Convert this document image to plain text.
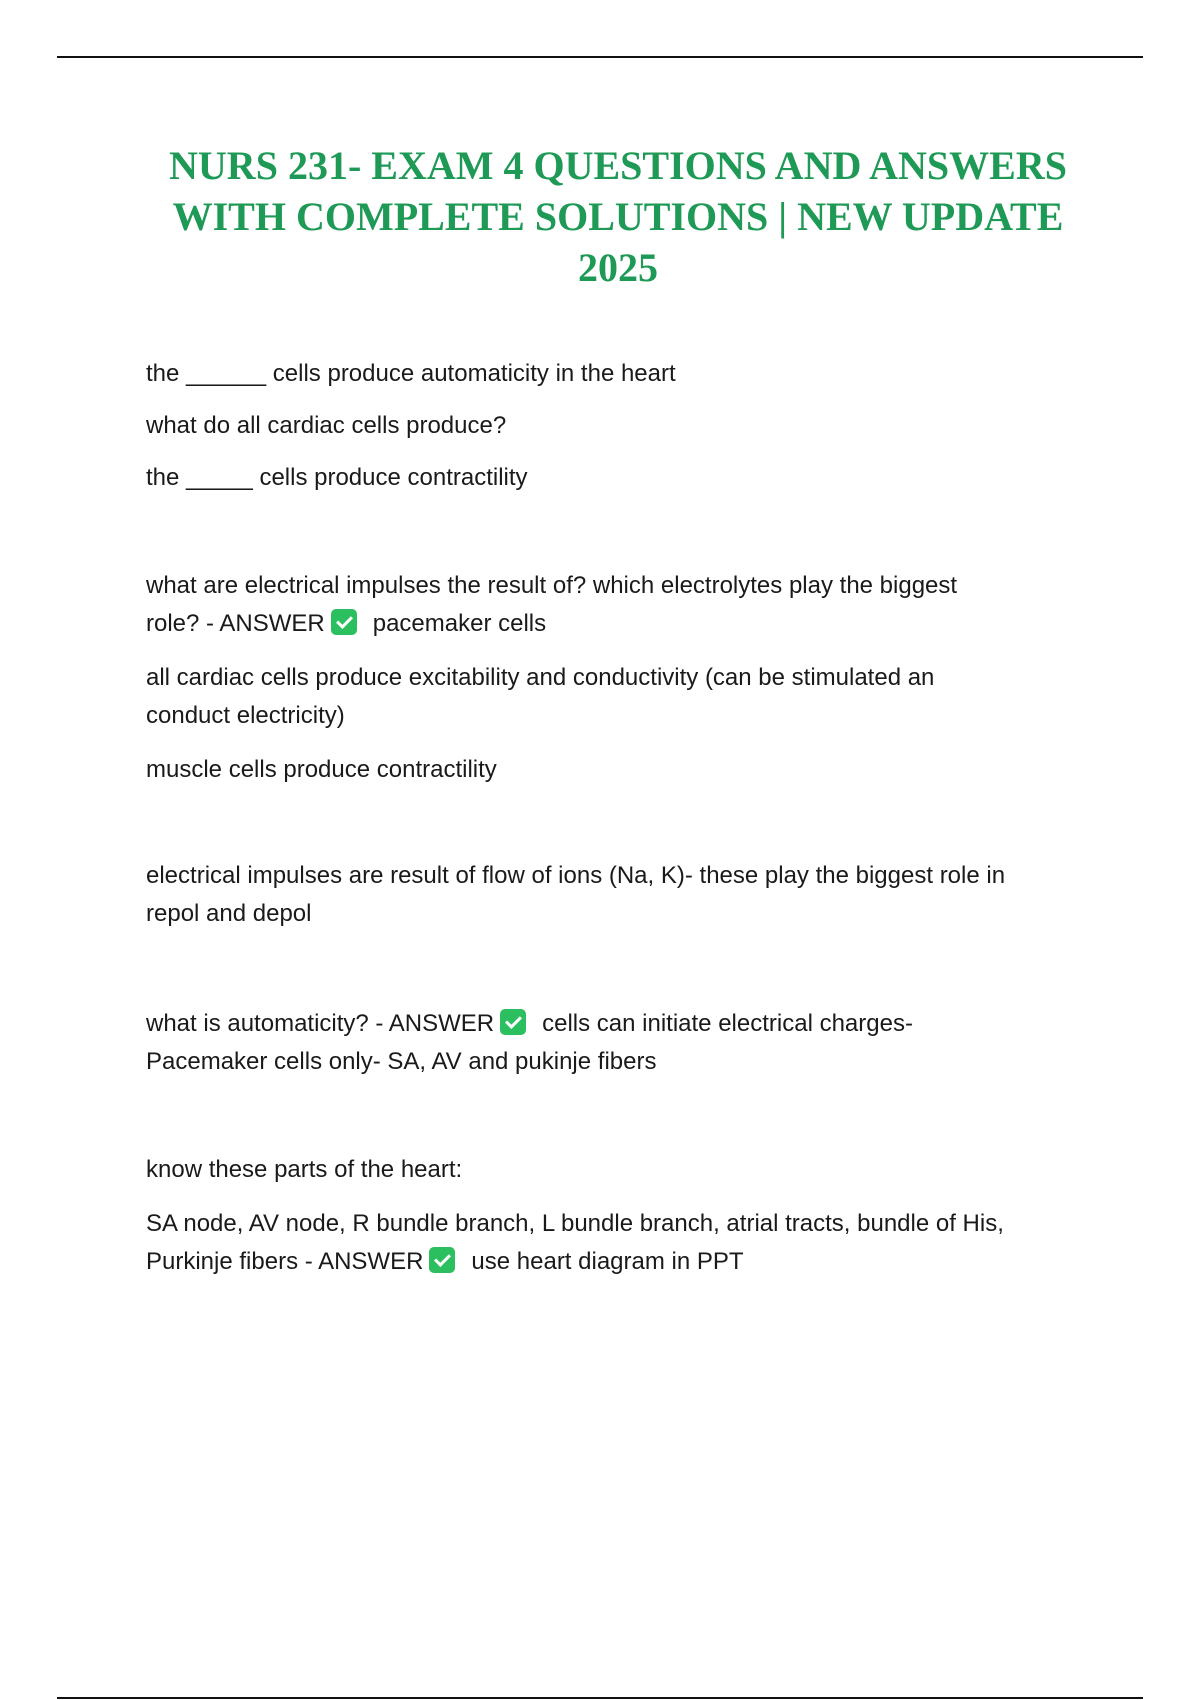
NURS 231- EXAM 4 QUESTIONS AND ANSWERS
WITH COMPLETE SOLUTIONS | NEW UPDATE
2025

the ______ cells produce automaticity in the heart

what do all cardiac cells produce?

the _____ cells produce contractility

what are electrical impulses the result of? which electrolytes play the biggest

role? - ANSWER pacemaker cells

all cardiac cells produce excitability and conductivity (can be stimulated an

conduct electricity)

muscle cells produce contractility

electrical impulses are result of flow of ions (Na, K)- these play the biggest role in

repol and depol

what is automaticity? - ANSWER cells can initiate electrical charges-

Pacemaker cells only- SA, AV and pukinje fibers

know these parts of the heart:

SA node, AV node, R bundle branch, L bundle branch, atrial tracts, bundle of His,

Purkinje fibers - ANSWER use heart diagram in PPT
